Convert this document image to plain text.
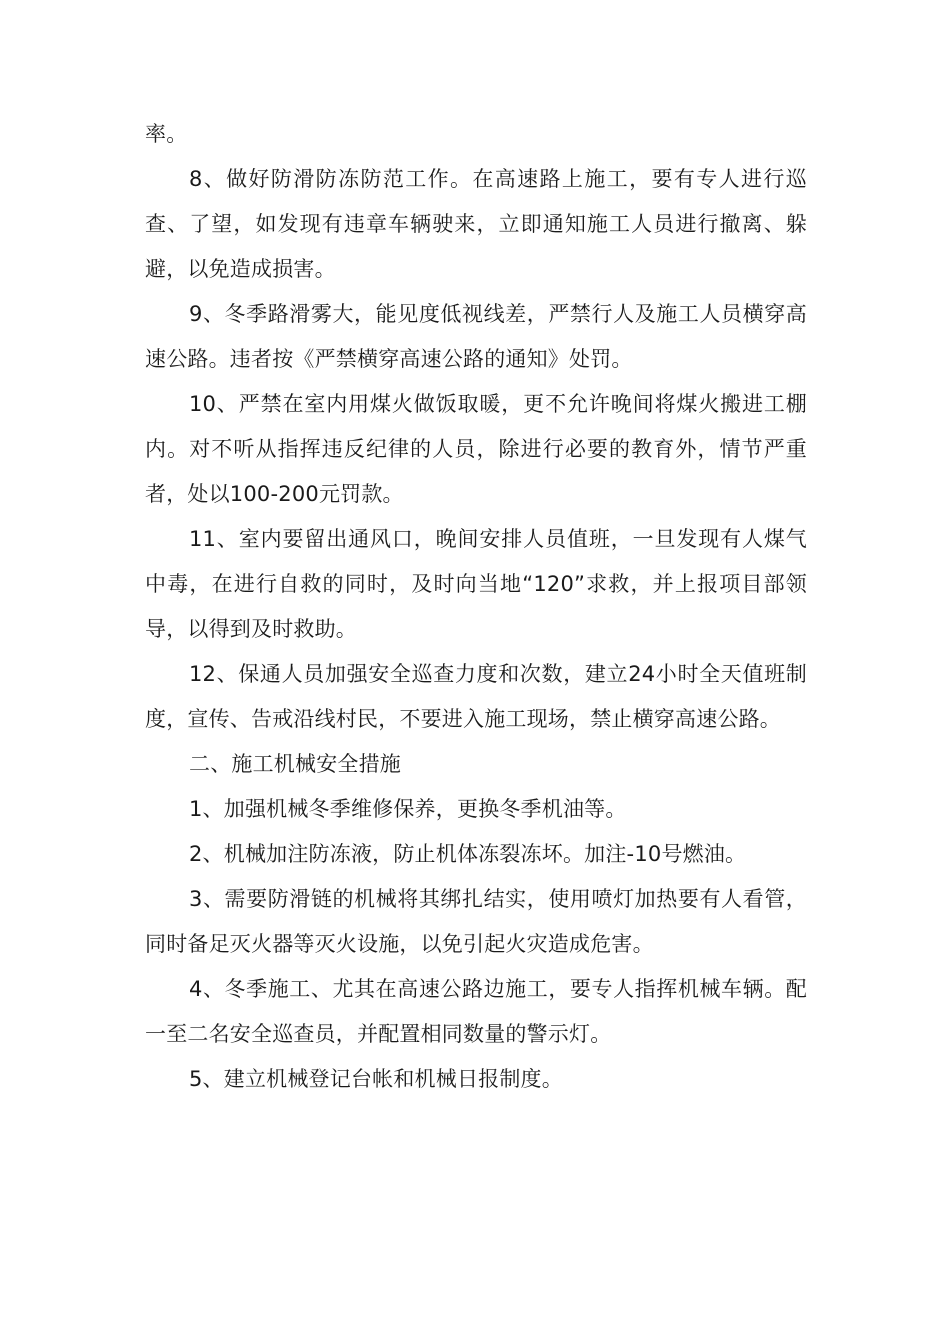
率。

8、做好防滑防冻防范工作。在高速路上施工，要有专人进行巡查、了望，如发现有违章车辆驶来，立即通知施工人员进行撤离、躲避，以免造成损害。

9、冬季路滑雾大，能见度低视线差，严禁行人及施工人员横穿高速公路。违者按《严禁横穿高速公路的通知》处罚。

10、严禁在室内用煤火做饭取暖，更不允许晚间将煤火搬进工棚内。对不听从指挥违反纪律的人员，除进行必要的教育外，情节严重者，处以100-200元罚款。

11、室内要留出通风口，晚间安排人员值班，一旦发现有人煤气中毒，在进行自救的同时，及时向当地“120”求救，并上报项目部领导，以得到及时救助。

12、保通人员加强安全巡查力度和次数，建立24小时全天值班制度，宣传、告戒沿线村民，不要进入施工现场，禁止横穿高速公路。

二、施工机械安全措施

1、加强机械冬季维修保养，更换冬季机油等。

2、机械加注防冻液，防止机体冻裂冻坏。加注-10号燃油。

3、需要防滑链的机械将其绑扎结实，使用喷灯加热要有人看管，同时备足灭火器等灭火设施，以免引起火灾造成危害。

4、冬季施工、尤其在高速公路边施工，要专人指挥机械车辆。配一至二名安全巡查员，并配置相同数量的警示灯。

5、建立机械登记台帐和机械日报制度。
